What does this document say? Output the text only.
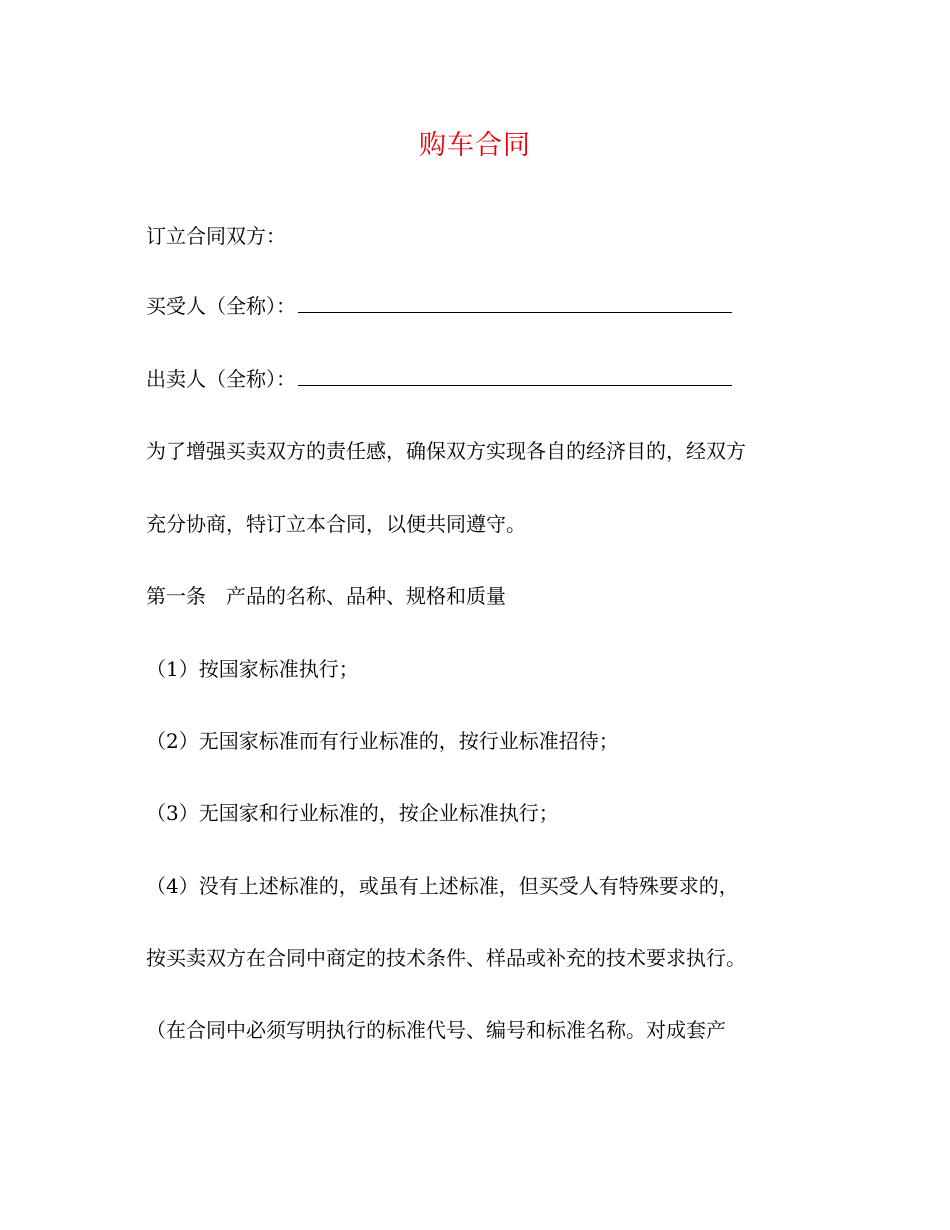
购车合同
订立合同双方：
买受人（全称）：
出卖人（全称）：
为了增强买卖双方的责任感，确保双方实现各自的经济目的，经双方
充分协商，特订立本合同，以便共同遵守。
第一条 产品的名称、品种、规格和质量
（1）按国家标准执行；
（2）无国家标准而有行业标准的，按行业标准招待；
（3）无国家和行业标准的，按企业标准执行；
（4）没有上述标准的，或虽有上述标准，但买受人有特殊要求的，
按买卖双方在合同中商定的技术条件、样品或补充的技术要求执行。
（在合同中必须写明执行的标准代号、编号和标准名称。对成套产
